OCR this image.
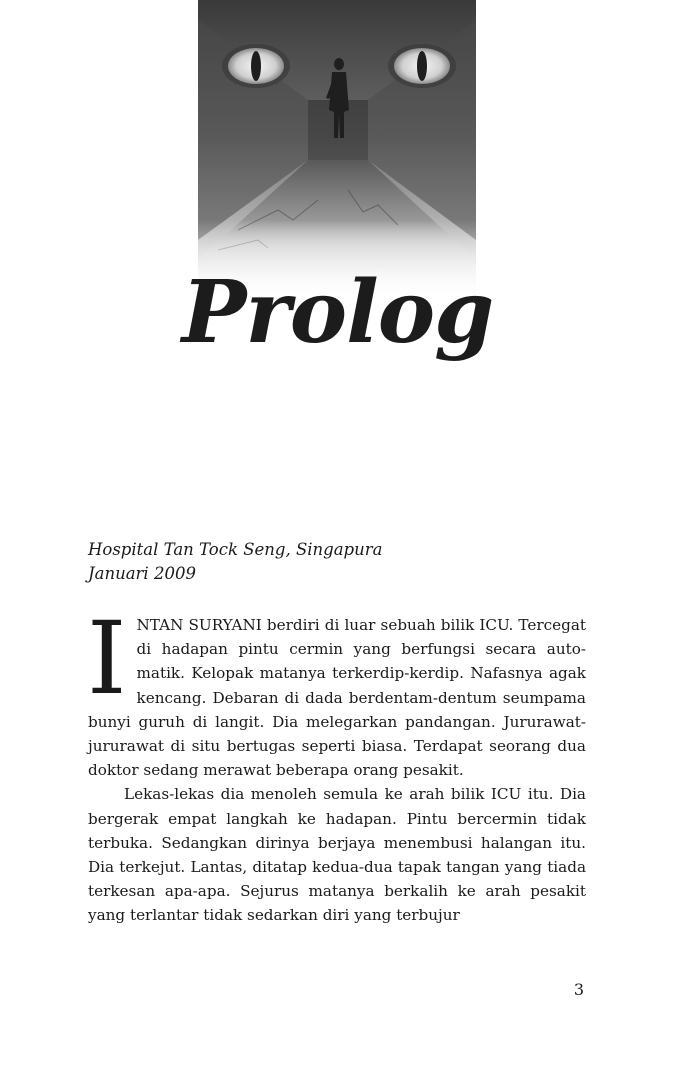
Prolog
Hospital Tan Tock Seng, Singapura
Januari 2009

INTAN SURYANI berdiri di luar sebuah bilik ICU. Tercegat di hadapan pintu cermin yang berfungsi secara automatik. Kelopak matanya terkerdip-kerdip. Nafasnya agak kencang. Debaran di dada berdentam-dentum seumpama bunyi guruh di langit. Dia melegarkan pandangan. Jururawat-jururawat di situ bertugas seperti biasa. Terdapat seorang dua doktor sedang merawat beberapa orang pesakit.

Lekas-lekas dia menoleh semula ke arah bilik ICU itu. Dia bergerak empat langkah ke hadapan. Pintu bercermin tidak terbuka. Sedangkan dirinya berjaya menembusi halangan itu. Dia terkejut. Lantas, ditatap kedua-dua tapak tangan yang tiada terkesan apa-apa. Sejurus matanya berkalih ke arah pesakit yang terlantar tidak sedarkan diri yang terbujur

3
